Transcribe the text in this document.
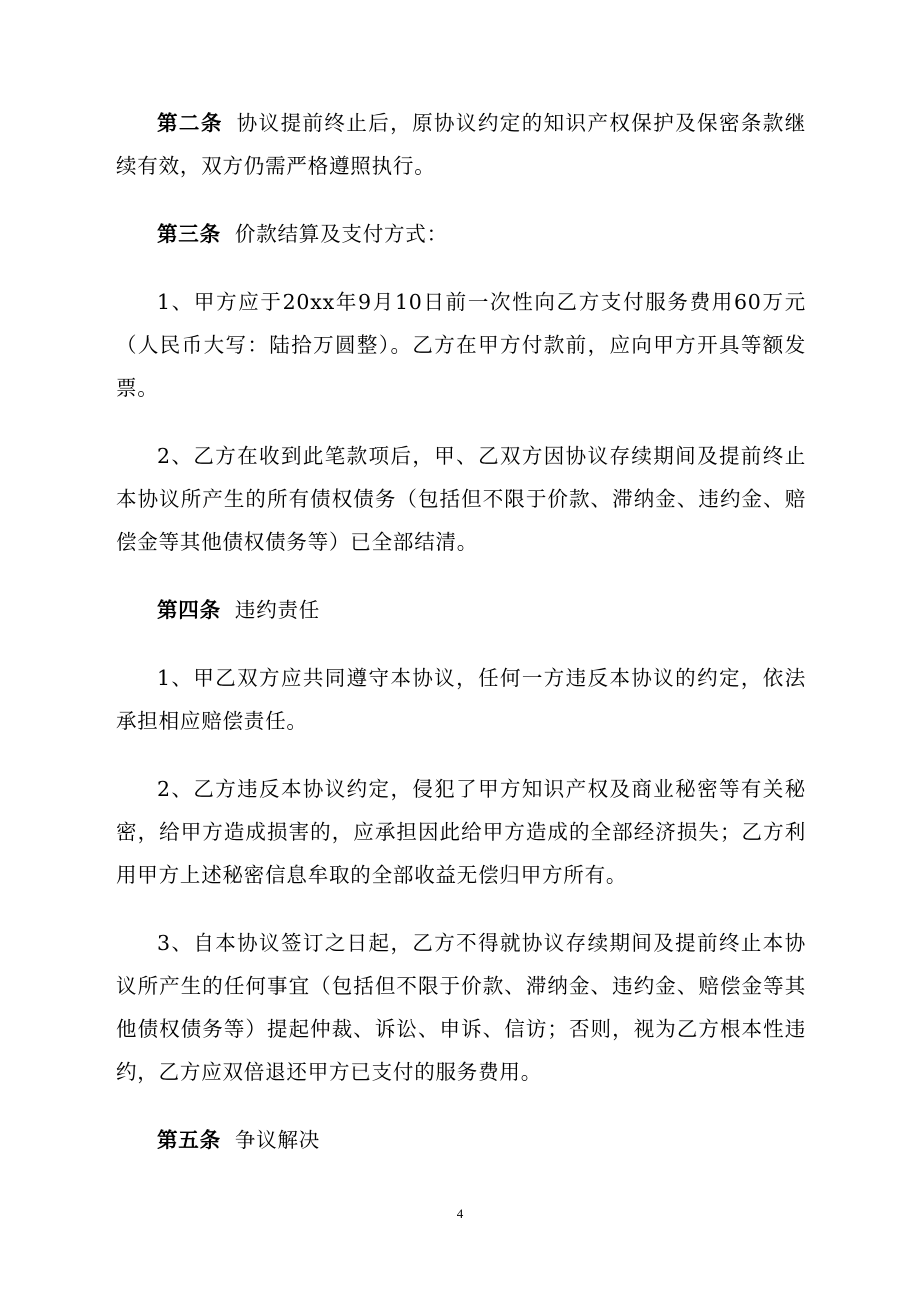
第二条 协议提前终止后，原协议约定的知识产权保护及保密条款继续有效，双方仍需严格遵照执行。

第三条 价款结算及支付方式：

1、甲方应于20xx年9月10日前一次性向乙方支付服务费用60万元（人民币大写：陆拾万圆整）。乙方在甲方付款前，应向甲方开具等额发票。

2、乙方在收到此笔款项后，甲、乙双方因协议存续期间及提前终止本协议所产生的所有债权债务（包括但不限于价款、滞纳金、违约金、赔偿金等其他债权债务等）已全部结清。

第四条 违约责任

1、甲乙双方应共同遵守本协议，任何一方违反本协议的约定，依法承担相应赔偿责任。

2、乙方违反本协议约定，侵犯了甲方知识产权及商业秘密等有关秘密，给甲方造成损害的，应承担因此给甲方造成的全部经济损失；乙方利用甲方上述秘密信息牟取的全部收益无偿归甲方所有。

3、自本协议签订之日起，乙方不得就协议存续期间及提前终止本协议所产生的任何事宜（包括但不限于价款、滞纳金、违约金、赔偿金等其他债权债务等）提起仲裁、诉讼、申诉、信访；否则，视为乙方根本性违约，乙方应双倍退还甲方已支付的服务费用。

第五条 争议解决

4
